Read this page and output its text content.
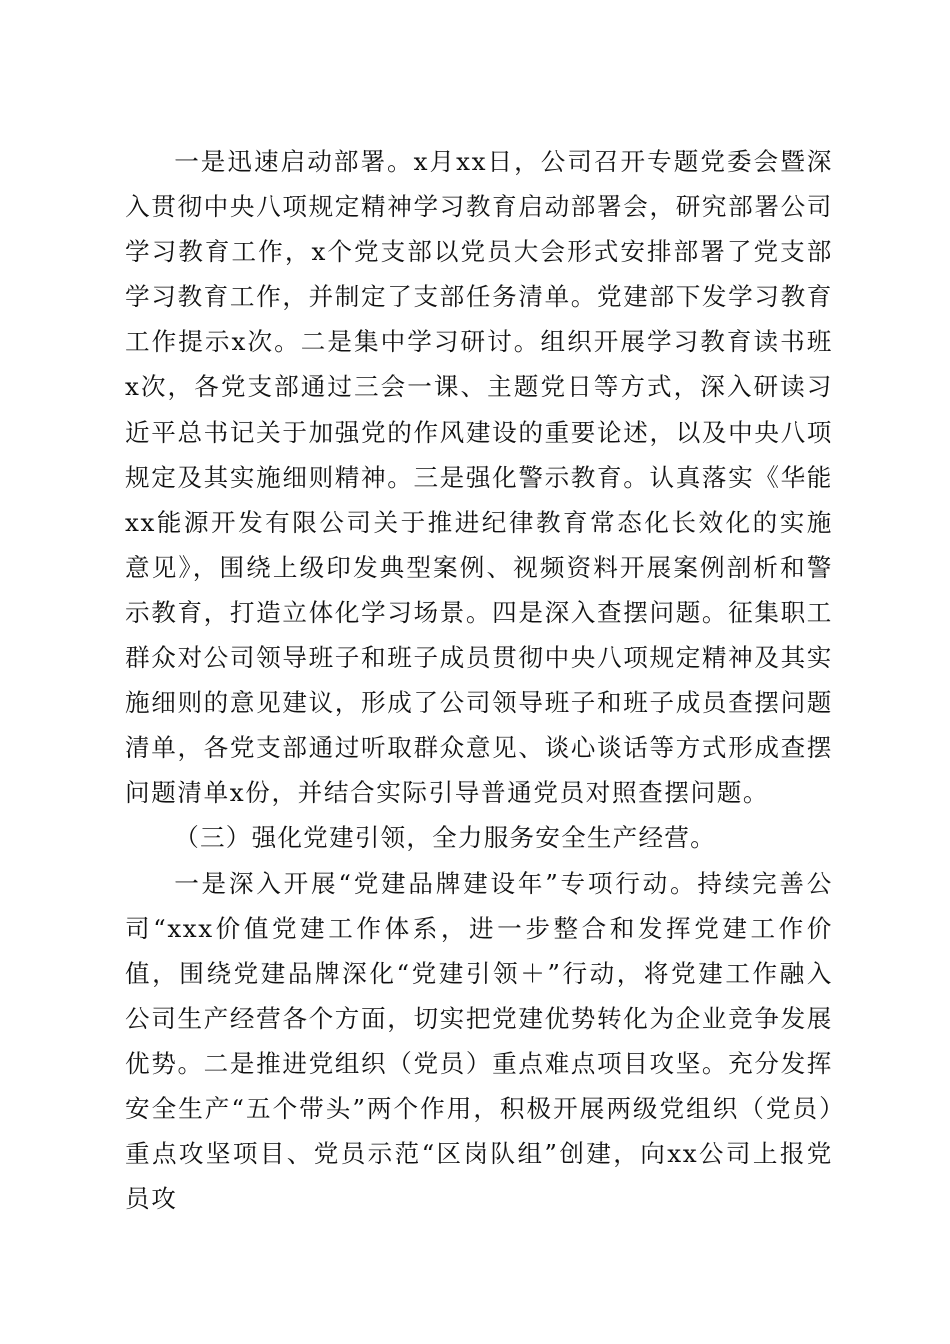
一是迅速启动部署。x月xx日，公司召开专题党委会暨深入贯彻中央八项规定精神学习教育启动部署会，研究部署公司学习教育工作，x个党支部以党员大会形式安排部署了党支部学习教育工作，并制定了支部任务清单。党建部下发学习教育工作提示x次。二是集中学习研讨。组织开展学习教育读书班x次，各党支部通过三会一课、主题党日等方式，深入研读习近平总书记关于加强党的作风建设的重要论述，以及中央八项规定及其实施细则精神。三是强化警示教育。认真落实《华能xx能源开发有限公司关于推进纪律教育常态化长效化的实施意见》，围绕上级印发典型案例、视频资料开展案例剖析和警示教育，打造立体化学习场景。四是深入查摆问题。征集职工群众对公司领导班子和班子成员贯彻中央八项规定精神及其实施细则的意见建议，形成了公司领导班子和班子成员查摆问题清单，各党支部通过听取群众意见、谈心谈话等方式形成查摆问题清单x份，并结合实际引导普通党员对照查摆问题。

（三）强化党建引领，全力服务安全生产经营。

一是深入开展“党建品牌建设年”专项行动。持续完善公司“xxx价值党建工作体系，进一步整合和发挥党建工作价值，围绕党建品牌深化“党建引领＋”行动，将党建工作融入公司生产经营各个方面，切实把党建优势转化为企业竞争发展优势。二是推进党组织（党员）重点难点项目攻坚。充分发挥安全生产“五个带头”两个作用，积极开展两级党组织（党员）重点攻坚项目、党员示范“区岗队组”创建，向xx公司上报党员攻
